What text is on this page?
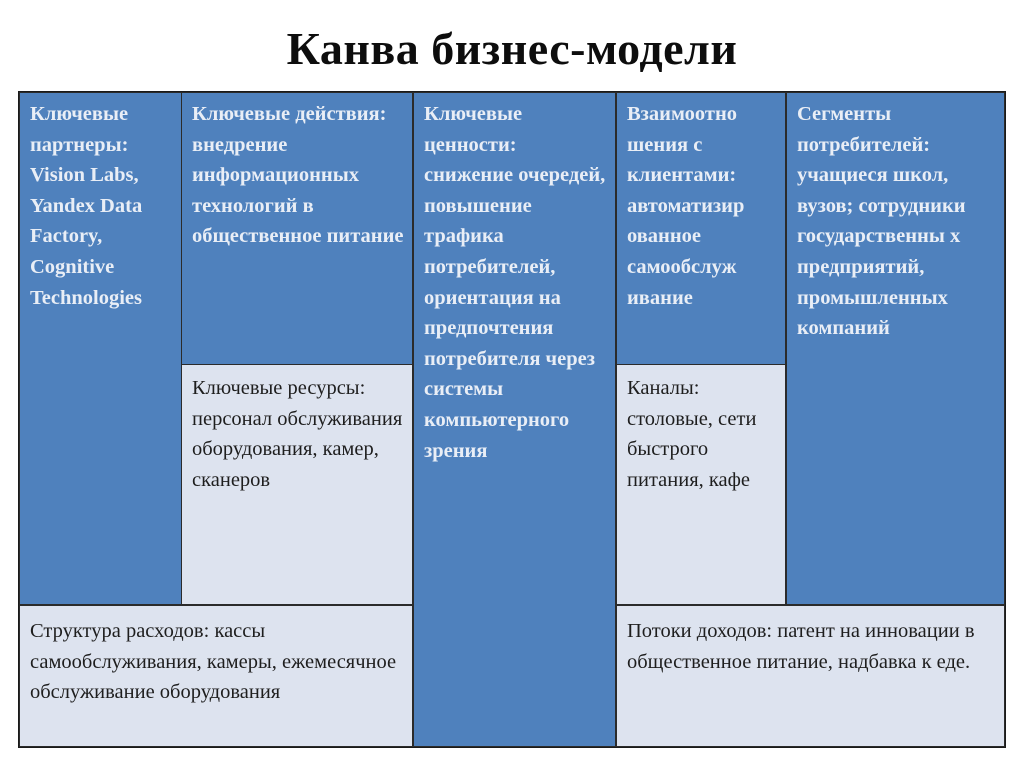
Канва бизнес-модели
Ключевые партнеры: Vision Labs, Yandex Data Factory, Cognitive Technologies
Ключевые действия: внедрение информационных технологий в общественное питание
Ключевые ресурсы: персонал обслуживания оборудования, камер, сканеров
Ключевые ценности: снижение очередей, повышение трафика потребителей, ориентация на предпочтения потребителя через системы компьютерного зрения
Взаимоотно шения с клиентами: автоматизир ованное самообслуж ивание
Каналы: столовые, сети быстрого питания, кафе
Сегменты потребителей: учащиеся школ, вузов; сотрудники государственны х предприятий, промышленных компаний
Структура расходов: кассы самообслуживания, камеры, ежемесячное обслуживание оборудования
Потоки доходов: патент на инновации в общественное питание, надбавка к еде.
